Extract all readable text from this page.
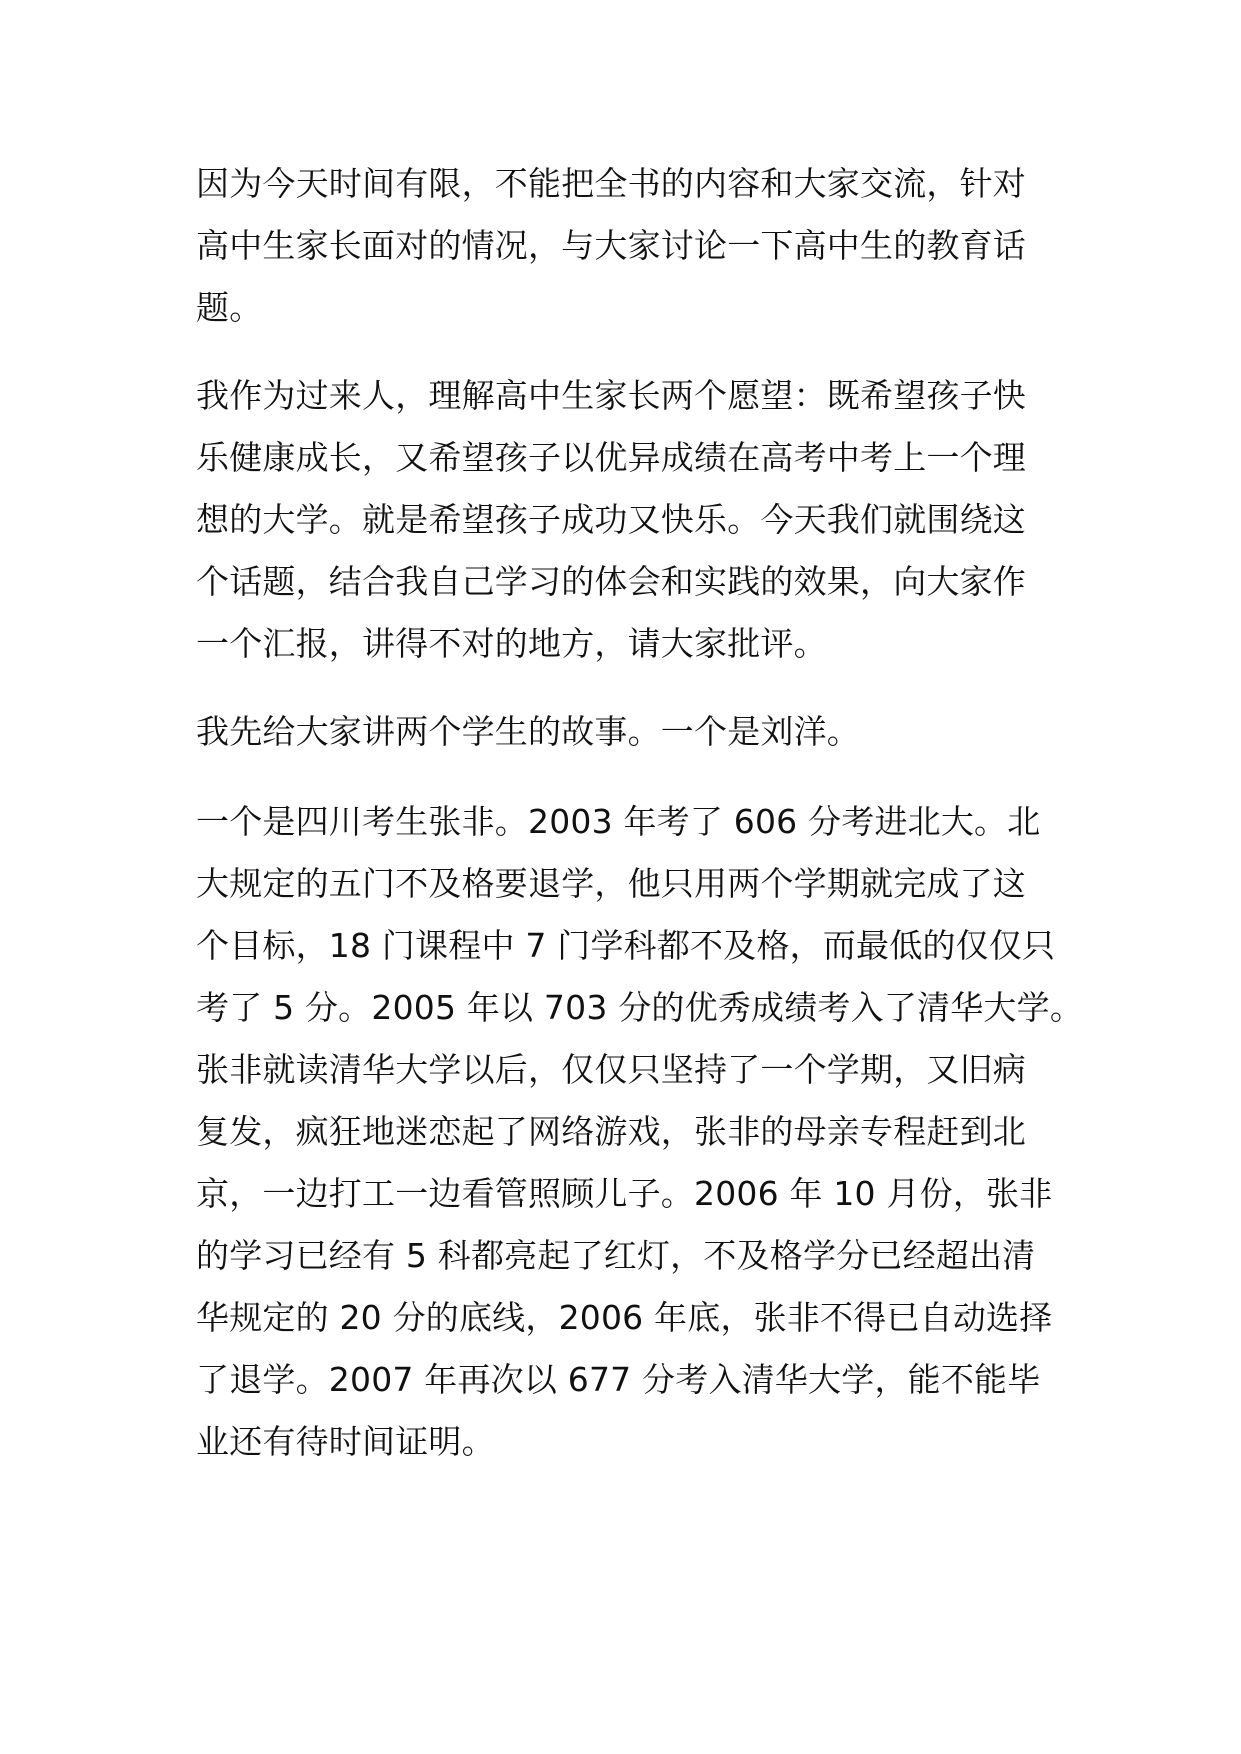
因为今天时间有限，不能把全书的内容和大家交流，针对
高中生家长面对的情况，与大家讨论一下高中生的教育话
题。
我作为过来人，理解高中生家长两个愿望：既希望孩子快
乐健康成长，又希望孩子以优异成绩在高考中考上一个理
想的大学。就是希望孩子成功又快乐。今天我们就围绕这
个话题，结合我自己学习的体会和实践的效果，向大家作
一个汇报，讲得不对的地方，请大家批评。
我先给大家讲两个学生的故事。一个是刘洋。
一个是四川考生张非。2003 年考了 606 分考进北大。北
大规定的五门不及格要退学，他只用两个学期就完成了这
个目标，18 门课程中 7 门学科都不及格，而最低的仅仅只
考了 5 分。2005 年以 703 分的优秀成绩考入了清华大学。
张非就读清华大学以后，仅仅只坚持了一个学期，又旧病
复发，疯狂地迷恋起了网络游戏，张非的母亲专程赶到北
京，一边打工一边看管照顾儿子。2006 年 10 月份，张非
的学习已经有 5 科都亮起了红灯，不及格学分已经超出清
华规定的 20 分的底线，2006 年底，张非不得已自动选择
了退学。2007 年再次以 677 分考入清华大学，能不能毕
业还有待时间证明。
